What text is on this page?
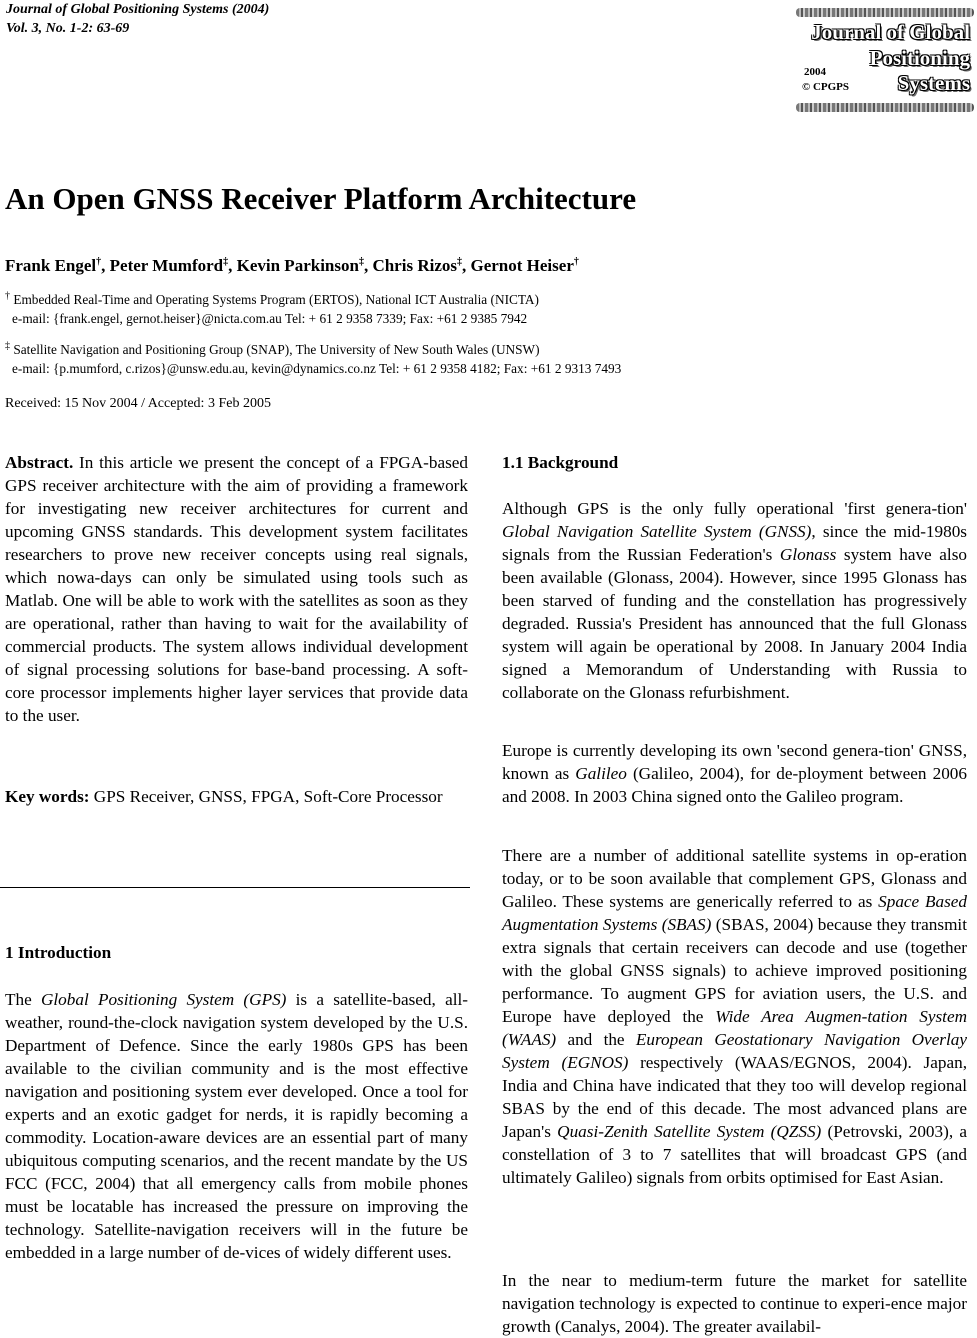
Journal of Global Positioning Systems (2004)
Vol. 3, No. 1-2: 63-69	Journal of Global
Positioning
Systems
2004
© CPGPS
An Open GNSS Receiver Platform Architecture
Frank Engel†, Peter Mumford‡, Kevin Parkinson‡, Chris Rizos‡, Gernot Heiser†
† Embedded Real-Time and Operating Systems Program (ERTOS), National ICT Australia (NICTA)
e-mail: {frank.engel, gernot.heiser}@nicta.com.au Tel: + 61 2 9358 7339; Fax: +61 2 9385 7942
‡ Satellite Navigation and Positioning Group (SNAP), The University of New South Wales (UNSW)
e-mail: {p.mumford, c.rizos}@unsw.edu.au, kevin@dynamics.co.nz Tel: + 61 2 9358 4182; Fax: +61 2 9313 7493
Received: 15 Nov 2004 / Accepted: 3 Feb 2005

Abstract. In this article we present the concept of a FPGA-based GPS receiver architecture with the aim of providing a framework for investigating new receiver architectures for current and upcoming GNSS standards. This development system facilitates researchers to prove new receiver concepts using real signals, which nowa-days can only be simulated using tools such as Matlab. One will be able to work with the satellites as soon as they are operational, rather than having to wait for the availability of commercial products. The system allows individual development of signal processing solutions for base-band processing. A soft-core processor implements higher layer services that provide data to the user.

Key words: GPS Receiver, GNSS, FPGA, Soft-Core Processor

1 Introduction

The Global Positioning System (GPS) is a satellite-based, all-weather, round-the-clock navigation system developed by the U.S. Department of Defence. Since the early 1980s GPS has been available to the civilian community and is the most effective navigation and positioning system ever developed. Once a tool for experts and an exotic gadget for nerds, it is rapidly becoming a commodity. Location-aware devices are an essential part of many ubiquitous computing scenarios, and the recent mandate by the US FCC (FCC, 2004) that all emergency calls from mobile phones must be locatable has increased the pressure on improving the technology. Satellite-navigation receivers will in the future be embedded in a large number of de-vices of widely different uses.

1.1 Background

Although GPS is the only fully operational 'first genera-tion' Global Navigation Satellite System (GNSS), since the mid-1980s signals from the Russian Federation's Glonass system have also been available (Glonass, 2004). However, since 1995 Glonass has been starved of funding and the constellation has progressively degraded. Russia's President has announced that the full Glonass system will again be operational by 2008. In January 2004 India signed a Memorandum of Understanding with Russia to collaborate on the Glonass refurbishment.

Europe is currently developing its own 'second genera-tion' GNSS, known as Galileo (Galileo, 2004), for de-ployment between 2006 and 2008. In 2003 China signed onto the Galileo program.

There are a number of additional satellite systems in op-eration today, or to be soon available that complement GPS, Glonass and Galileo. These systems are generically referred to as Space Based Augmentation Systems (SBAS) (SBAS, 2004) because they transmit extra signals that certain receivers can decode and use (together with the global GNSS signals) to achieve improved positioning performance. To augment GPS for aviation users, the U.S. and Europe have deployed the Wide Area Augmen-tation System (WAAS) and the European Geostationary Navigation Overlay System (EGNOS) respectively (WAAS/EGNOS, 2004). Japan, India and China have indicated that they too will develop regional SBAS by the end of this decade. The most advanced plans are Japan's Quasi-Zenith Satellite System (QZSS) (Petrovski, 2003), a constellation of 3 to 7 satellites that will broadcast GPS (and ultimately Galileo) signals from orbits optimised for East Asian.

In the near to medium-term future the market for satellite navigation technology is expected to continue to experi-ence major growth (Canalys, 2004). The greater availabil-
